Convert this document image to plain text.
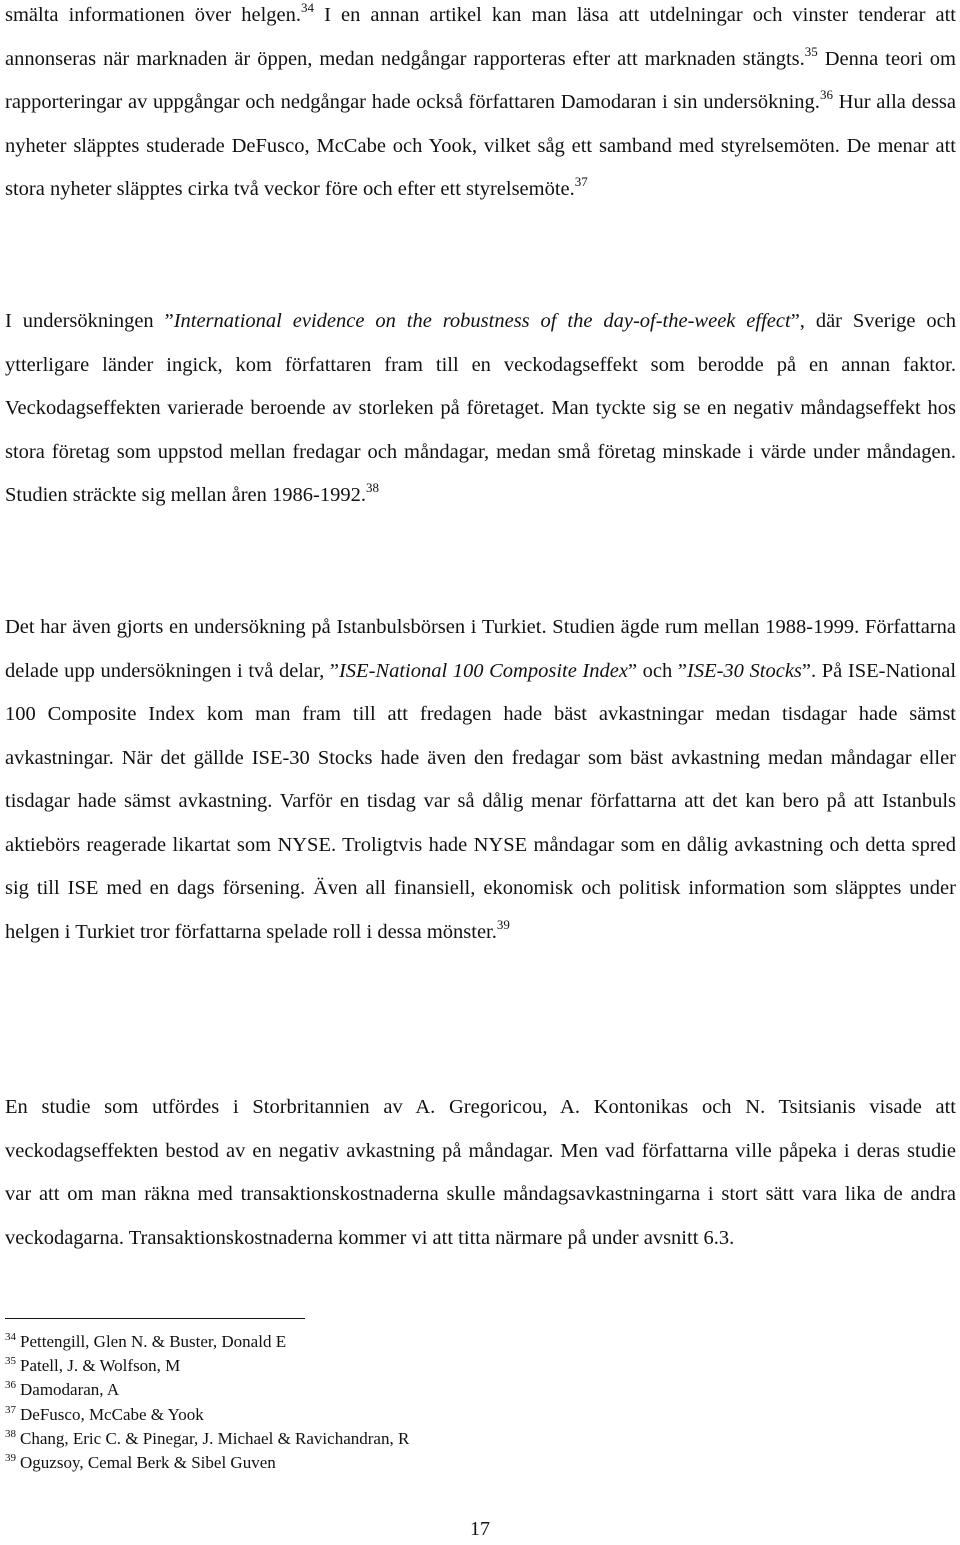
smälta informationen över helgen.$^{34}$ I en annan artikel kan man läsa att utdelningar och vinster tenderar att annonseras när marknaden är öppen, medan nedgångar rapporteras efter att marknaden stängts.$^{35}$ Denna teori om rapporteringar av uppgångar och nedgångar hade också författaren Damodaran i sin undersökning.$^{36}$ Hur alla dessa nyheter släpptes studerade DeFusco, McCabe och Yook, vilket såg ett samband med styrelsemöten. De menar att stora nyheter släpptes cirka två veckor före och efter ett styrelsemöte.$^{37}$

I undersökningen ”International evidence on the robustness of the day-of-the-week effect”, där Sverige och ytterligare länder ingick, kom författaren fram till en veckodagseffekt som berodde på en annan faktor. Veckodagseffekten varierade beroende av storleken på företaget. Man tyckte sig se en negativ måndagseffekt hos stora företag som uppstod mellan fredagar och måndagar, medan små företag minskade i värde under måndagen. Studien sträckte sig mellan åren 1986-1992.38

Det har även gjorts en undersökning på Istanbulsbörsen i Turkiet. Studien ägde rum mellan 1988-1999. Författarna delade upp undersökningen i två delar, ”ISE-National 100 Composite Index” och ”ISE-30 Stocks”. På ISE-National 100 Composite Index kom man fram till att fredagen hade bäst avkastningar medan tisdagar hade sämst avkastningar. När det gällde ISE-30 Stocks hade även den fredagar som bäst avkastning medan måndagar eller tisdagar hade sämst avkastning. Varför en tisdag var så dålig menar författarna att det kan bero på att Istanbuls aktiebörs reagerade likartat som NYSE. Troligtvis hade NYSE måndagar som en dålig avkastning och detta spred sig till ISE med en dags försening. Även all finansiell, ekonomisk och politisk information som släpptes under helgen i Turkiet tror författarna spelade roll i dessa mönster.$^{39}$

En studie som utfördes i Storbritannien av A. Gregoricou, A. Kontonikas och N. Tsitsianis visade att veckodagseffekten bestod av en negativ avkastning på måndagar. Men vad författarna ville påpeka i deras studie var att om man räkna med transaktionskostnaderna skulle måndagsavkastningarna i stort sätt vara lika de andra veckodagarna. Transaktionskostnaderna kommer vi att titta närmare på under avsnitt 6.3.

$^{34}$ Pettengill, Glen N. & Buster, Donald E
$^{35}$ Patell, J. & Wolfson, M
$^{36}$ Damodaran, A
$^{37}$ DeFusco, McCabe & Yook
$^{38}$ Chang, Eric C. & Pinegar, J. Michael & Ravichandran, R
$^{39}$ Oguzsoy, Cemal Berk & Sibel Guven
17
